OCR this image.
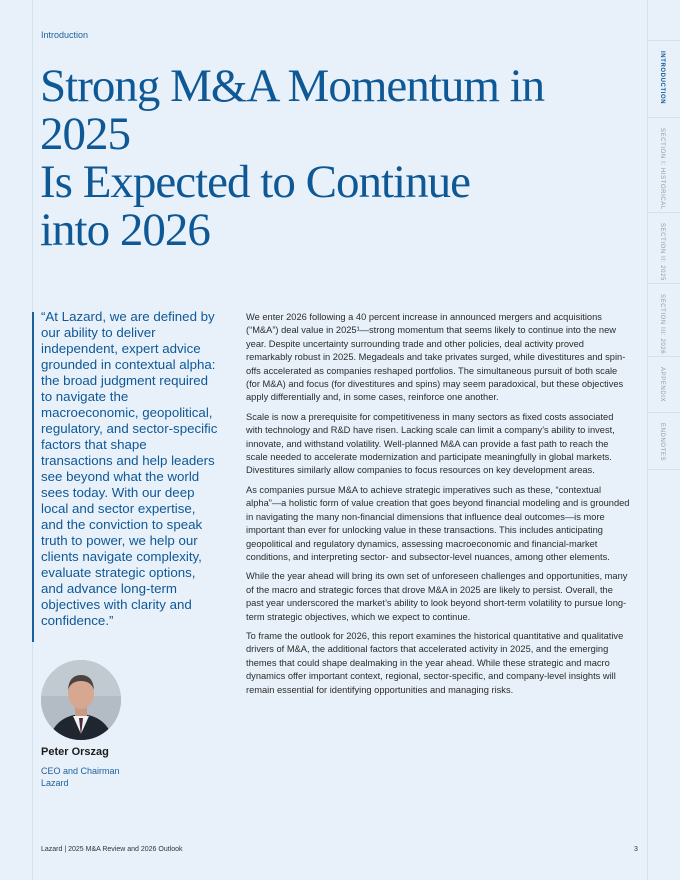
Introduction
Strong M&A Momentum in 2025
Is Expected to Continue
into 2026

“At Lazard, we are defined by our ability to deliver independent, expert advice grounded in contextual alpha: the broad judgment required to navigate the macroeconomic, geopolitical, regulatory, and sector-specific factors that shape transactions and help leaders see beyond what the world sees today. With our deep local and sector expertise, and the conviction to speak truth to power, we help our clients navigate complexity, evaluate strategic options, and advance long-term objectives with clarity and confidence.”

Peter Orszag
CEO and Chairman
Lazard

We enter 2026 following a 40 percent increase in announced mergers and acquisitions (“M&A”) deal value in 2025¹—strong momentum that seems likely to continue into the new year. Despite uncertainty surrounding trade and other policies, deal activity proved remarkably robust in 2025. Megadeals and take privates surged, while divestitures and spin-offs accelerated as companies reshaped portfolios. The simultaneous pursuit of both scale (for M&A) and focus (for divestitures and spins) may seem paradoxical, but these objectives apply differentially and, in some cases, reinforce one another.

Scale is now a prerequisite for competitiveness in many sectors as fixed costs associated with technology and R&D have risen. Lacking scale can limit a company’s ability to invest, innovate, and withstand volatility. Well-planned M&A can provide a fast path to reach the scale needed to accelerate modernization and participate meaningfully in global markets. Divestitures similarly allow companies to focus resources on key development areas.

As companies pursue M&A to achieve strategic imperatives such as these, “contextual alpha”—a holistic form of value creation that goes beyond financial modeling and is grounded in navigating the many non-financial dimensions that influence deal outcomes—is more important than ever for unlocking value in these transactions. This includes anticipating geopolitical and regulatory dynamics, assessing macroeconomic and financial-market conditions, and interpreting sector- and subsector-level nuances, among other elements.

While the year ahead will bring its own set of unforeseen challenges and opportunities, many of the macro and strategic forces that drove M&A in 2025 are likely to persist. Overall, the past year underscored the market’s ability to look beyond short-term volatility to pursue long-term strategic objectives, which we expect to continue.

To frame the outlook for 2026, this report examines the historical quantitative and qualitative drivers of M&A, the additional factors that accelerated activity in 2025, and the emerging themes that could shape dealmaking in the year ahead. While these strategic and macro dynamics offer important context, regional, sector-specific, and company-level insights will remain essential for identifying opportunities and managing risks.

Lazard | 2025 M&A Review and 2026 Outlook	3
INTRODUCTION
SECTION I: HISTORICAL
SECTION II: 2025
SECTION III: 2026
APPENDIX
ENDNOTES
